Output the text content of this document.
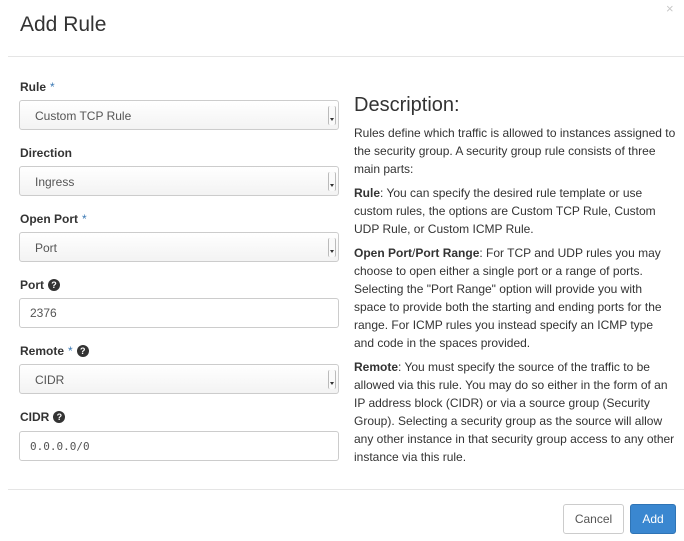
×
Add Rule
Rule *
Custom TCP Rule
Direction
Ingress
Open Port *
Port
Port ?
2376
Remote * ?
CIDR
CIDR ?
0.0.0.0/0
Description:

Rules define which traffic is allowed to instances assigned to the security group. A security group rule consists of three main parts:

Rule: You can specify the desired rule template or use custom rules, the options are Custom TCP Rule, Custom UDP Rule, or Custom ICMP Rule.

Open Port/Port Range: For TCP and UDP rules you may choose to open either a single port or a range of ports. Selecting the "Port Range" option will provide you with space to provide both the starting and ending ports for the range. For ICMP rules you instead specify an ICMP type and code in the spaces provided.

Remote: You must specify the source of the traffic to be allowed via this rule. You may do so either in the form of an IP address block (CIDR) or via a source group (Security Group). Selecting a security group as the source will allow any other instance in that security group access to any other instance via this rule.

Cancel	Add
